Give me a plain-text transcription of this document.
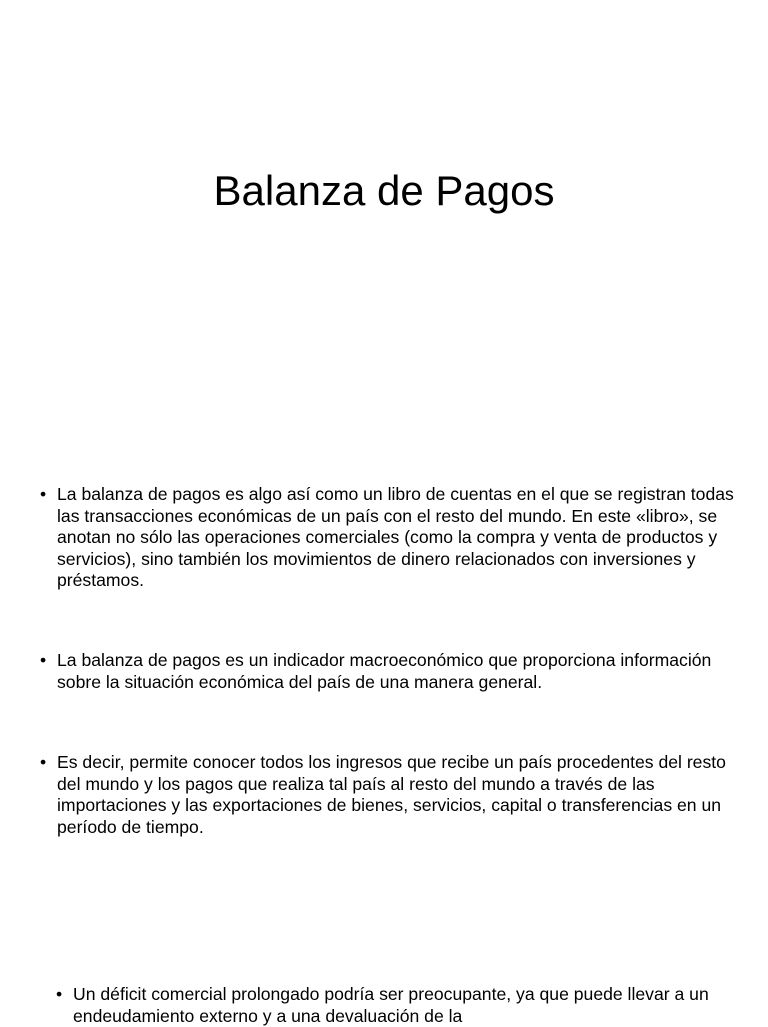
Balanza de Pagos
• La balanza de pagos es algo así como un libro de cuentas en el que se registran todas las transacciones económicas de un país con el resto del mundo. En este «libro», se anotan no sólo las operaciones comerciales (como la compra y venta de productos y servicios), sino también los movimientos de dinero relacionados con inversiones y préstamos.
• La balanza de pagos es un indicador macroeconómico que proporciona información sobre la situación económica del país de una manera general.
• Es decir, permite conocer todos los ingresos que recibe un país procedentes del resto del mundo y los pagos que realiza tal país al resto del mundo a través de las importaciones y las exportaciones de bienes, servicios, capital o transferencias en un período de tiempo.
• Un déficit comercial prolongado podría ser preocupante, ya que puede llevar a un endeudamiento externo y a una devaluación de la
